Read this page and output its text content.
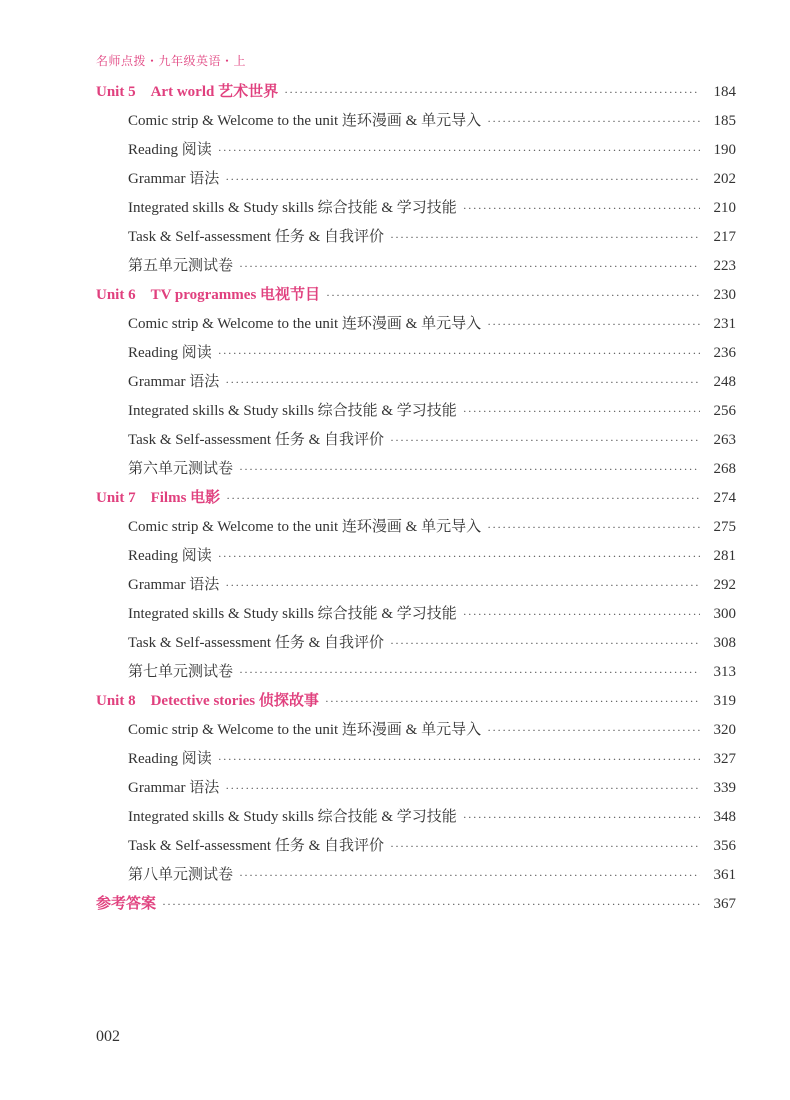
名师点拨・九年级英语・上
Unit 5　Art world 艺术世界 ·····	184
Comic strip & Welcome to the unit 连环漫画 & 单元导入 ·····	185
Reading 阅读 ·····	190
Grammar 语法 ·····	202
Integrated skills & Study skills 综合技能 & 学习技能 ·····	210
Task & Self-assessment 任务 & 自我评价 ·····	217
第五单元测试卷 ·····	223
Unit 6　TV programmes 电视节目 ·····	230
Comic strip & Welcome to the unit 连环漫画 & 单元导入 ·····	231
Reading 阅读 ·····	236
Grammar 语法 ·····	248
Integrated skills & Study skills 综合技能 & 学习技能 ·····	256
Task & Self-assessment 任务 & 自我评价 ·····	263
第六单元测试卷 ·····	268
Unit 7　Films 电影 ·····	274
Comic strip & Welcome to the unit 连环漫画 & 单元导入 ·····	275
Reading 阅读 ·····	281
Grammar 语法 ·····	292
Integrated skills & Study skills 综合技能 & 学习技能 ·····	300
Task & Self-assessment 任务 & 自我评价 ·····	308
第七单元测试卷 ·····	313
Unit 8　Detective stories 侦探故事 ·····	319
Comic strip & Welcome to the unit 连环漫画 & 单元导入 ·····	320
Reading 阅读 ·····	327
Grammar 语法 ·····	339
Integrated skills & Study skills 综合技能 & 学习技能 ·····	348
Task & Self-assessment 任务 & 自我评价 ·····	356
第八单元测试卷 ·····	361
参考答案 ·····	367
002
